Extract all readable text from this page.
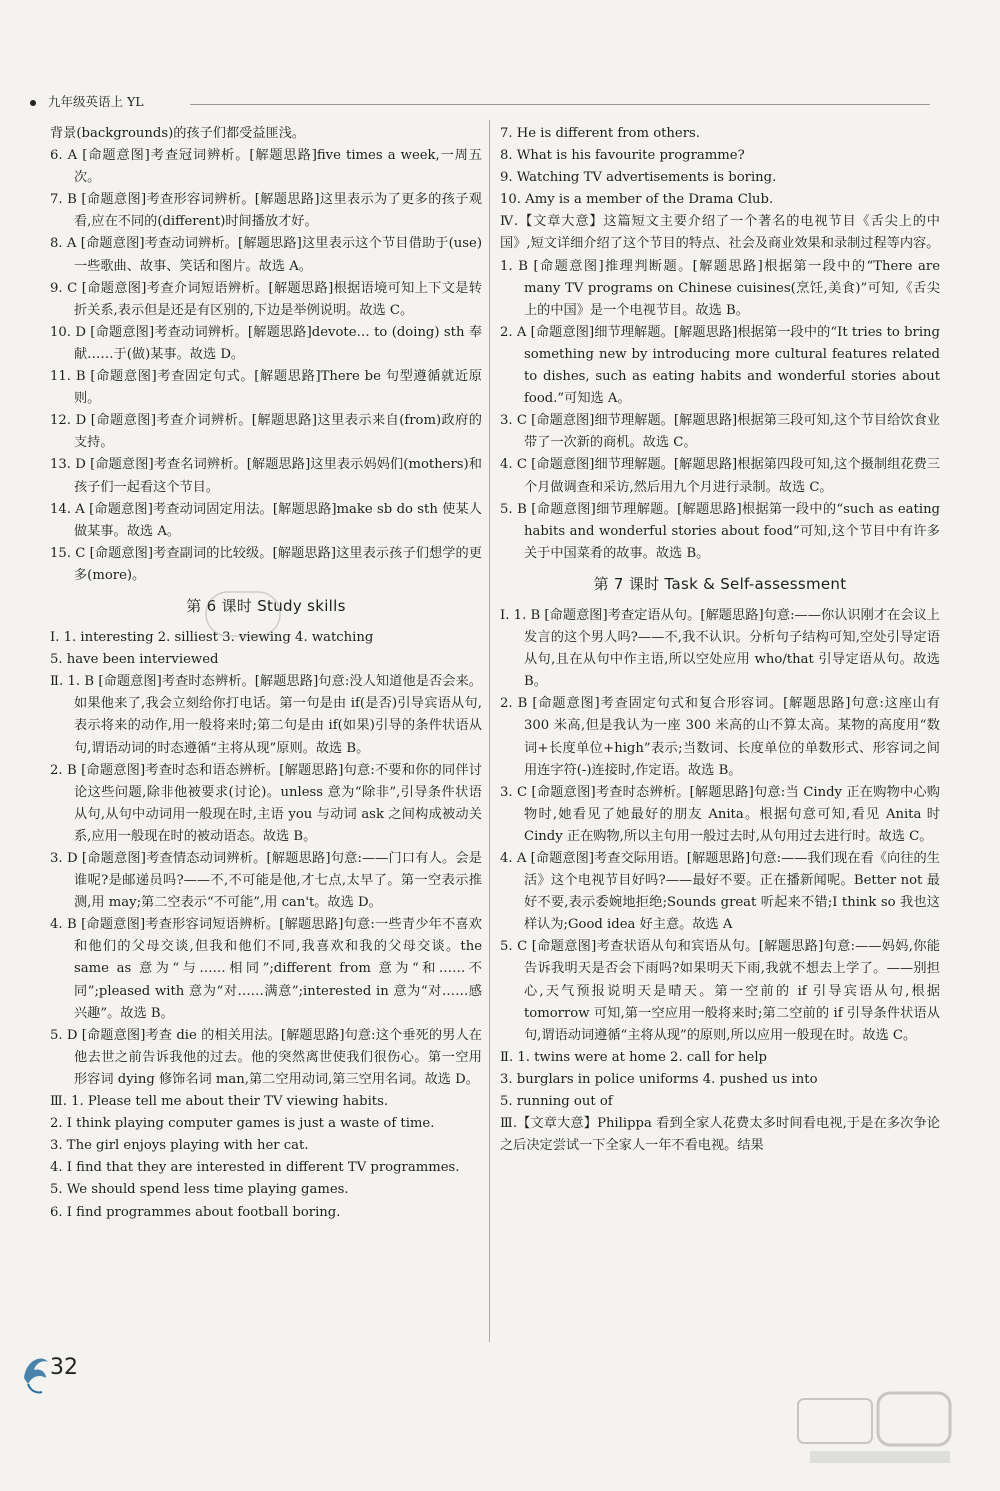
九年级英语上 YL

背景(backgrounds)的孩子们都受益匪浅。

6. A [命题意图]考查冠词辨析。[解题思路]five times a week,一周五次。

7. B [命题意图]考查形容词辨析。[解题思路]这里表示为了更多的孩子观看,应在不同的(different)时间播放才好。

8. A [命题意图]考查动词辨析。[解题思路]这里表示这个节目借助于(use)一些歌曲、故事、笑话和图片。故选 A。

9. C [命题意图]考查介词短语辨析。[解题思路]根据语境可知上下文是转折关系,表示但是还是有区别的,下边是举例说明。故选 C。

10. D [命题意图]考查动词辨析。[解题思路]devote… to (doing) sth 奉献……于(做)某事。故选 D。

11. B [命题意图]考查固定句式。[解题思路]There be 句型遵循就近原则。

12. D [命题意图]考查介词辨析。[解题思路]这里表示来自(from)政府的支持。

13. D [命题意图]考查名词辨析。[解题思路]这里表示妈妈们(mothers)和孩子们一起看这个节目。

14. A [命题意图]考查动词固定用法。[解题思路]make sb do sth 使某人做某事。故选 A。

15. C [命题意图]考查副词的比较级。[解题思路]这里表示孩子们想学的更多(more)。

第 6 课时 Study skills

Ⅰ. 1. interesting 2. silliest 3. viewing 4. watching

5. have been interviewed

Ⅱ. 1. B [命题意图]考查时态辨析。[解题思路]句意:没人知道他是否会来。如果他来了,我会立刻给你打电话。第一句是由 if(是否)引导宾语从句,表示将来的动作,用一般将来时;第二句是由 if(如果)引导的条件状语从句,谓语动词的时态遵循“主将从现”原则。故选 B。

2. B [命题意图]考查时态和语态辨析。[解题思路]句意:不要和你的同伴讨论这些问题,除非他被要求(讨论)。unless 意为“除非”,引导条件状语从句,从句中动词用一般现在时,主语 you 与动词 ask 之间构成被动关系,应用一般现在时的被动语态。故选 B。

3. D [命题意图]考查情态动词辨析。[解题思路]句意:——门口有人。会是谁呢?是邮递员吗?——不,不可能是他,才七点,太早了。第一空表示推测,用 may;第二空表示“不可能”,用 can't。故选 D。

4. B [命题意图]考查形容词短语辨析。[解题思路]句意:一些青少年不喜欢和他们的父母交谈,但我和他们不同,我喜欢和我的父母交谈。the same as 意为“与……相同”;different from 意为“和……不同”;pleased with 意为“对……满意”;interested in 意为“对……感兴趣”。故选 B。

5. D [命题意图]考查 die 的相关用法。[解题思路]句意:这个垂死的男人在他去世之前告诉我他的过去。他的突然离世使我们很伤心。第一空用形容词 dying 修饰名词 man,第二空用动词,第三空用名词。故选 D。

Ⅲ. 1. Please tell me about their TV viewing habits.

2. I think playing computer games is just a waste of time.

3. The girl enjoys playing with her cat.

4. I find that they are interested in different TV programmes.

5. We should spend less time playing games.

6. I find programmes about football boring.

7. He is different from others.

8. What is his favourite programme?

9. Watching TV advertisements is boring.

10. Amy is a member of the Drama Club.

Ⅳ.【文章大意】这篇短文主要介绍了一个著名的电视节目《舌尖上的中国》,短文详细介绍了这个节目的特点、社会及商业效果和录制过程等内容。

1. B [命题意图]推理判断题。[解题思路]根据第一段中的“There are many TV programs on Chinese cuisines(烹饪,美食)”可知,《舌尖上的中国》是一个电视节目。故选 B。

2. A [命题意图]细节理解题。[解题思路]根据第一段中的“It tries to bring something new by introducing more cultural features related to dishes, such as eating habits and wonderful stories about food.”可知选 A。

3. C [命题意图]细节理解题。[解题思路]根据第三段可知,这个节目给饮食业带了一次新的商机。故选 C。

4. C [命题意图]细节理解题。[解题思路]根据第四段可知,这个摄制组花费三个月做调查和采访,然后用九个月进行录制。故选 C。

5. B [命题意图]细节理解题。[解题思路]根据第一段中的“such as eating habits and wonderful stories about food”可知,这个节目中有许多关于中国菜肴的故事。故选 B。

第 7 课时 Task & Self-assessment

Ⅰ. 1. B [命题意图]考查定语从句。[解题思路]句意:——你认识刚才在会议上发言的这个男人吗?——不,我不认识。分析句子结构可知,空处引导定语从句,且在从句中作主语,所以空处应用 who/that 引导定语从句。故选 B。

2. B [命题意图]考查固定句式和复合形容词。[解题思路]句意:这座山有 300 米高,但是我认为一座 300 米高的山不算太高。某物的高度用“数词+长度单位+high”表示;当数词、长度单位的单数形式、形容词之间用连字符(-)连接时,作定语。故选 B。

3. C [命题意图]考查时态辨析。[解题思路]句意:当 Cindy 正在购物中心购物时,她看见了她最好的朋友 Anita。根据句意可知,看见 Anita 时 Cindy 正在购物,所以主句用一般过去时,从句用过去进行时。故选 C。

4. A [命题意图]考查交际用语。[解题思路]句意:——我们现在看《向往的生活》这个电视节目好吗?——最好不要。正在播新闻呢。Better not 最好不要,表示委婉地拒绝;Sounds great 听起来不错;I think so 我也这样认为;Good idea 好主意。故选 A

5. C [命题意图]考查状语从句和宾语从句。[解题思路]句意:——妈妈,你能告诉我明天是否会下雨吗?如果明天下雨,我就不想去上学了。——别担心,天气预报说明天是晴天。第一空前的 if 引导宾语从句,根据 tomorrow 可知,第一空应用一般将来时;第二空前的 if 引导条件状语从句,谓语动词遵循“主将从现”的原则,所以应用一般现在时。故选 C。

Ⅱ. 1. twins were at home 2. call for help

3. burglars in police uniforms 4. pushed us into

5. running out of

Ⅲ.【文章大意】Philippa 看到全家人花费太多时间看电视,于是在多次争论之后决定尝试一下全家人一年不看电视。结果

32
